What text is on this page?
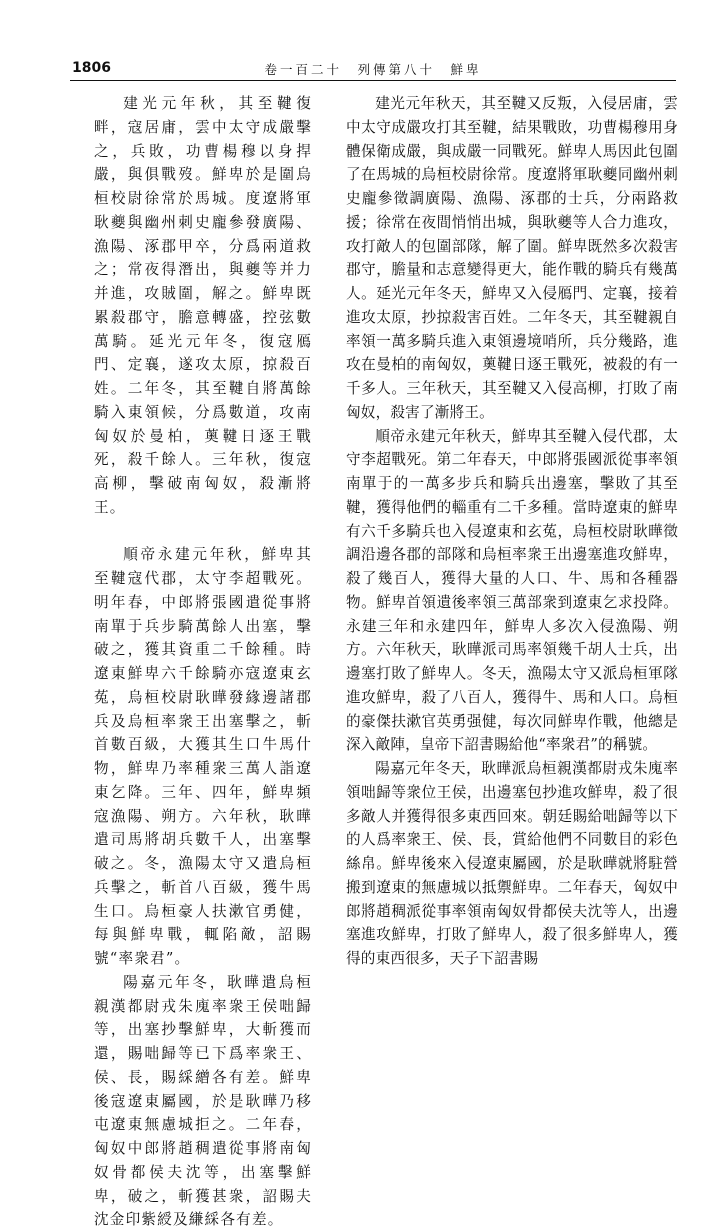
1806	卷一百二十　列傳第八十　鮮卑

建光元年秋，其至鞬復畔，寇居庸，雲中太守成嚴擊之，兵敗，功曹楊穆以身捍嚴，與俱戰歿。鮮卑於是圍烏桓校尉徐常於馬城。度遼將軍耿夔與幽州刺史龐參發廣陽、漁陽、涿郡甲卒，分爲兩道救之；常夜得潛出，與夔等并力并進，攻賊圍，解之。鮮卑既累殺郡守，膽意轉盛，控弦數萬騎。延光元年冬，復寇鴈門、定襄，遂攻太原，掠殺百姓。二年冬，其至鞬自將萬餘騎入東領候，分爲數道，攻南匈奴於曼柏，薁鞬日逐王戰死，殺千餘人。三年秋，復寇高柳，擊破南匈奴，殺漸將王。

順帝永建元年秋，鮮卑其至鞬寇代郡，太守李超戰死。明年春，中郎將張國遣從事將南單于兵步騎萬餘人出塞，擊破之，獲其資重二千餘種。時遼東鮮卑六千餘騎亦寇遼東玄菟，烏桓校尉耿曄發緣邊諸郡兵及烏桓率衆王出塞擊之，斬首數百級，大獲其生口牛馬什物，鮮卑乃率種衆三萬人詣遼東乞降。三年、四年，鮮卑頻寇漁陽、朔方。六年秋，耿曄遣司馬將胡兵數千人，出塞擊破之。冬，漁陽太守又遣烏桓兵擊之，斬首八百級，獲牛馬生口。烏桓豪人扶漱官勇健，每與鮮卑戰，輒陷敵，詔賜號“率衆君”。

陽嘉元年冬，耿曄遣烏桓親漢都尉戎朱廆率衆王侯咄歸等，出塞抄擊鮮卑，大斬獲而還，賜咄歸等已下爲率衆王、侯、長，賜綵繒各有差。鮮卑後寇遼東屬國，於是耿曄乃移屯遼東無慮城拒之。二年春，匈奴中郎將趙稠遣從事將南匈奴骨都侯夫沈等，出塞擊鮮卑，破之，斬獲甚衆，詔賜夫沈金印紫綬及縑綵各有差。

建光元年秋天，其至鞬又反叛，入侵居庸，雲中太守成嚴攻打其至鞬，結果戰敗，功曹楊穆用身體保衛成嚴，與成嚴一同戰死。鮮卑人馬因此包圍了在馬城的烏桓校尉徐常。度遼將軍耿夔同幽州刺史龐參徵調廣陽、漁陽、涿郡的士兵，分兩路救援；徐常在夜間悄悄出城，與耿夔等人合力進攻，攻打敵人的包圍部隊，解了圍。鮮卑既然多次殺害郡守，膽量和志意變得更大，能作戰的騎兵有幾萬人。延光元年冬天，鮮卑又入侵鴈門、定襄，接着進攻太原，抄掠殺害百姓。二年冬天，其至鞬親自率領一萬多騎兵進入東領邊境哨所，兵分幾路，進攻在曼柏的南匈奴，薁鞬日逐王戰死，被殺的有一千多人。三年秋天，其至鞬又入侵高柳，打敗了南匈奴，殺害了漸將王。

順帝永建元年秋天，鮮卑其至鞬入侵代郡，太守李超戰死。第二年春天，中郎將張國派從事率領南單于的一萬多步兵和騎兵出邊塞，擊敗了其至鞬，獲得他們的輜重有二千多種。當時遼東的鮮卑有六千多騎兵也入侵遼東和玄菟，烏桓校尉耿曄徵調沿邊各郡的部隊和烏桓率衆王出邊塞進攻鮮卑，殺了幾百人，獲得大量的人口、牛、馬和各種器物。鮮卑首領遺後率領三萬部衆到遼東乞求投降。永建三年和永建四年，鮮卑人多次入侵漁陽、朔方。六年秋天，耿曄派司馬率領幾千胡人士兵，出邊塞打敗了鮮卑人。冬天，漁陽太守又派烏桓軍隊進攻鮮卑，殺了八百人，獲得牛、馬和人口。烏桓的豪傑扶漱官英勇强健，每次同鮮卑作戰，他總是深入敵陣，皇帝下詔書賜給他“率衆君”的稱號。

陽嘉元年冬天，耿曄派烏桓親漢都尉戎朱廆率領咄歸等衆位王侯，出邊塞包抄進攻鮮卑，殺了很多敵人并獲得很多東西回來。朝廷賜給咄歸等以下的人爲率衆王、侯、長，賞給他們不同數目的彩色絲帛。鮮卑後來入侵遼東屬國，於是耿曄就將駐營搬到遼東的無慮城以抵禦鮮卑。二年春天，匈奴中郎將趙稠派從事率領南匈奴骨都侯夫沈等人，出邊塞進攻鮮卑，打敗了鮮卑人，殺了很多鮮卑人，獲得的東西很多，天子下詔書賜
